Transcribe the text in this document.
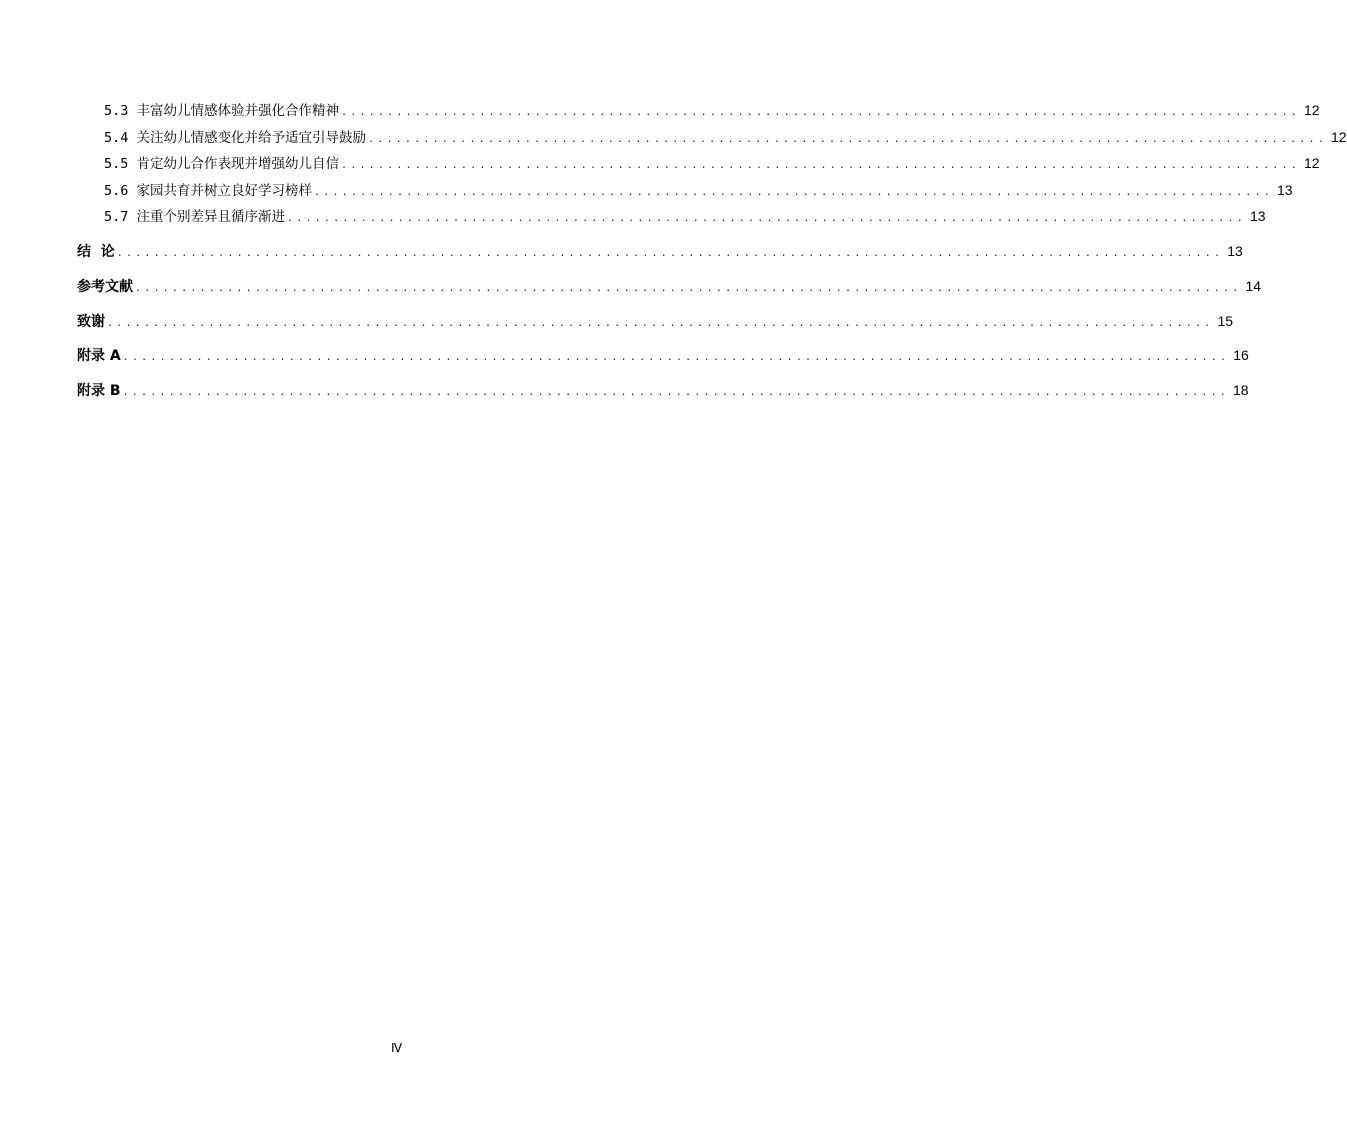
5.3 丰富幼儿情感体验并强化合作精神 ........................................................................................................ 12
5.4 关注幼儿情感变化并给予适宜引导鼓励 ........................................................................................................ 12
5.5 肯定幼儿合作表现并增强幼儿自信 ........................................................................................................ 12
5.6 家园共育并树立良好学习榜样 ........................................................................................................ 13
5.7 注重个别差异且循序渐进 ........................................................................................................ 13
结  论 ........................................................................................................................ 13
参考文献 ........................................................................................................................ 14
致谢 ........................................................................................................................ 15
附录 A ........................................................................................................................ 16
附录 B ........................................................................................................................ 18
Ⅳ
